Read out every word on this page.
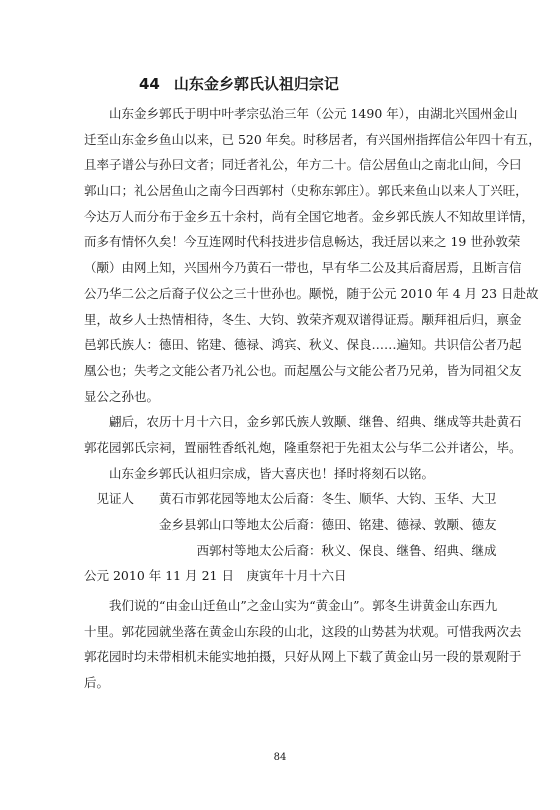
44 山东金乡郭氏认祖归宗记
　　山东金乡郭氏于明中叶孝宗弘治三年（公元 1490 年），由湖北兴国州金山
迁至山东金乡鱼山以来，已 520 年矣。时移居者，有兴国州指挥信公年四十有五，
且率子谱公与孙曰文者；同迁者礼公，年方二十。信公居鱼山之南北山间，今曰
郭山口；礼公居鱼山之南今曰西郭村（史称东郭庄）。郭氏来鱼山以来人丁兴旺，
今达万人而分布于金乡五十余村，尚有全国它地者。金乡郭氏族人不知故里详情，
而多有情怀久矣！今互连网时代科技进步信息畅达，我迁居以来之 19 世孙敦荣
（颙）由网上知，兴国州今乃黄石一带也，早有华二公及其后裔居焉，且断言信
公乃华二公之后裔子仪公之三十世孙也。颙悦，随于公元 2010 年 4 月 23 日赴故
里，故乡人士热情相待，冬生、大钧、敦荣齐观双谱得证焉。颙拜祖后归，禀金
邑郭氏族人：德田、铭建、德禄、鸿宾、秋义、保良……遍知。共识信公者乃起
凰公也；失考之文能公者乃礼公也。而起凰公与文能公者乃兄弟，皆为同祖父友
显公之孙也。
　　翩后，农历十月十六日，金乡郭氏族人敦颙、继鲁、绍典、继成等共赴黄石
郭花园郭氏宗祠，置丽牲香纸礼炮，隆重祭祀于先祖太公与华二公并诸公，毕。
　　山东金乡郭氏认祖归宗成，皆大喜庆也！择时将刻石以铭。
　见证人　　黄石市郭花园等地太公后裔：冬生、顺华、大钧、玉华、大卫
　　　　　　金乡县郭山口等地太公后裔：德田、铭建、德禄、敦颙、德友
　　　　　　　　　西郭村等地太公后裔：秋义、保良、继鲁、绍典、继成
公元 2010 年 11 月 21 日　庚寅年十月十六日
　　我们说的“由金山迁鱼山”之金山实为“黄金山”。郭冬生讲黄金山东西九
十里。郭花园就坐落在黄金山东段的山北，这段的山势甚为状观。可惜我两次去
郭花园时均未带相机未能实地拍摄，只好从网上下载了黄金山另一段的景观附于
后。
84
